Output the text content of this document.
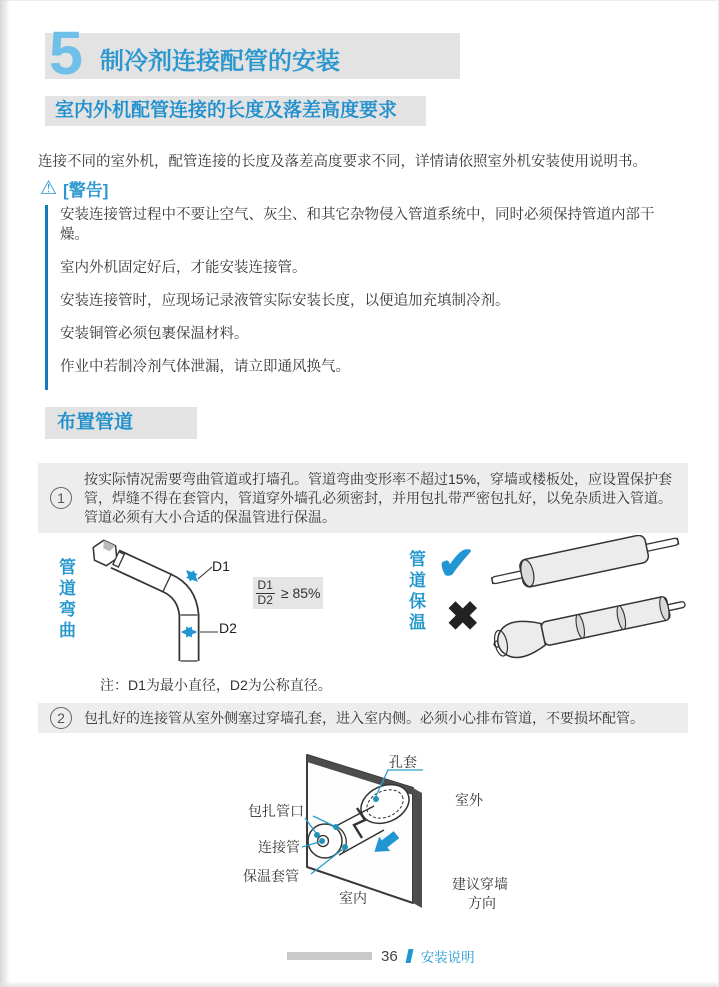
5 制冷剂连接配管的安装
室内外机配管连接的长度及落差高度要求

连接不同的室外机，配管连接的长度及落差高度要求不同，详情请依照室外机安装使用说明书。

⚠ [警告]

安装连接管过程中不要让空气、灰尘、和其它杂物侵入管道系统中，同时必须保持管道内部干燥。

室内外机固定好后，才能安装连接管。

安装连接管时，应现场记录液管实际安装长度，以便追加充填制冷剂。

安装铜管必须包裹保温材料。

作业中若制冷剂气体泄漏，请立即通风换气。

布置管道
1

按实际情况需要弯曲管道或打墙孔。管道弯曲变形率不超过15%，穿墙或楼板处，应设置保护套管，焊缝不得在套管内，管道穿外墙孔必须密封，并用包扎带严密包扎好，以免杂质进入管道。管道必须有大小合适的保温管进行保温。

管道弯曲	D1
D2
$\frac{D1}{D2} \ge 85\%$	管道保温 ✔
✖

注：D1为最小直径，D2为公称直径。

2	包扎好的连接管从室外侧塞过穿墙孔套，进入室内侧。必须小心排布管道，不要损坏配管。

孔套
室外
包扎管口
连接管
保温套管
室内
建议穿墙
方向
36 安装说明
